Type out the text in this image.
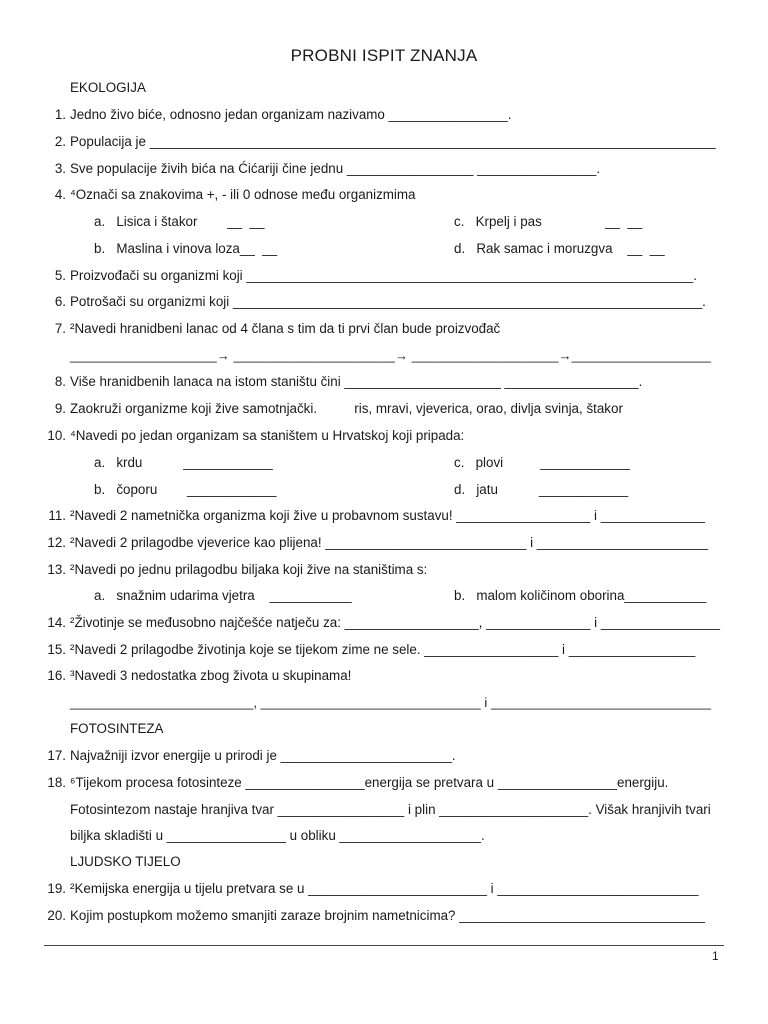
PROBNI ISPIT ZNANJA
EKOLOGIJA
1. Jedno živo biće, odnosno jedan organizam nazivamo ________________.
2. Populacija je ____________________________________________________________________________
3. Sve populacije živih bića na Ćićariji čine jednu _________________ ________________.
4. ⁴Označi sa znakovima +, - ili 0 odnose među organizmima
a.   Lisica i štakor        __  __	c.   Krpelj i pas                 __  __
b.   Maslina i vinova loza__  __	d.   Rak samac i moruzgva    __  __
5. Proizvođači su organizmi koji ____________________________________________________________.
6. Potrošači su organizmi koji _______________________________________________________________.
7. ²Navedi hranidbeni lanac od 4 člana s tim da ti prvi član bude proizvođač
____________________→ ______________________→ ____________________→___________________
8. Više hranidbenih lanaca na istom staništu čini _____________________ __________________.
9. Zaokruži organizme koji žive samotnjački.          ris, mravi, vjeverica, orao, divlja svinja, štakor
10. ⁴Navedi po jedan organizam sa staništem u Hrvatskoj koji pripada:
a.   krdu           ____________	c.   plovi          ____________
b.   čoporu        ____________	d.   jatu           ____________
11. ²Navedi 2 nametnička organizma koji žive u probavnom sustavu! __________________ i ______________
12. ²Navedi 2 prilagodbe vjeverice kao plijena! ___________________________ i _______________________
13. ²Navedi po jednu prilagodbu biljaka koji žive na staništima s:
a.   snažnim udarima vjetra    ___________	b.   malom količinom oborina___________
14. ²Životinje se međusobno najčešće natječu za: __________________, ______________ i ________________
15. ²Navedi 2 prilagodbe životinja koje se tijekom zime ne sele. __________________ i _________________
16. ³Navedi 3 nedostatka zbog života u skupinama!
_________________________, ______________________________ i ______________________________
FOTOSINTEZA
17. Najvažniji izvor energije u prirodi je _______________________.
18. ⁶Tijekom procesa fotosinteze ________________energija se pretvara u ________________energiju.
Fotosintezom nastaje hranjiva tvar _________________ i plin ____________________. Višak hranjivih tvari
biljka skladišti u ________________ u obliku ___________________.
LJUDSKO TIJELO
19. ²Kemijska energija u tijelu pretvara se u ________________________ i ___________________________
20. Kojim postupkom možemo smanjiti zaraze brojnim nametnicima? _________________________________
1
